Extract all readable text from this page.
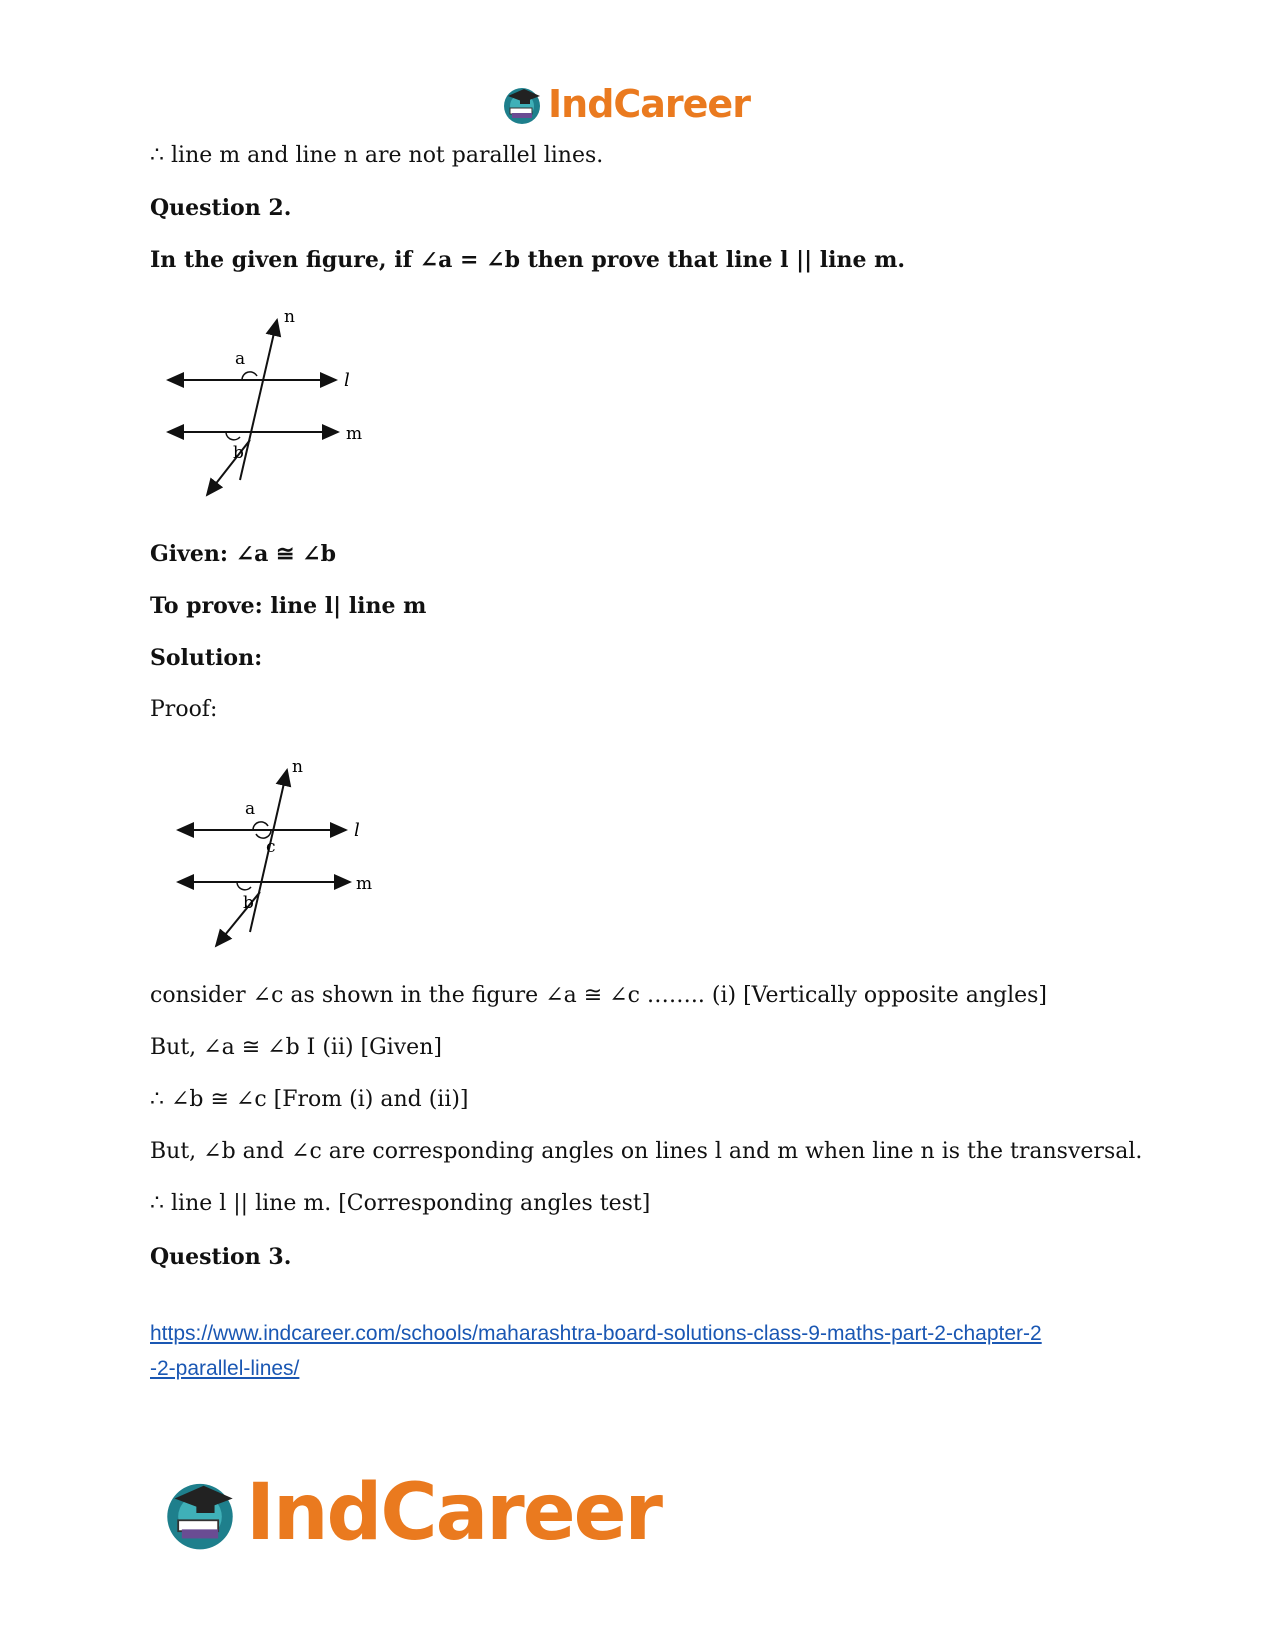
IndCareer
∴ line m and line n are not parallel lines.
Question 2.
In the given figure, if ∠a = ∠b then prove that line l || line m.
n
a
l
m
b
Given: ∠a ≅ ∠b
To prove: line l| line m
Solution:
Proof:
n
a
l
c
m
b
consider ∠c as shown in the figure ∠a ≅ ∠c …….. (i) [Vertically opposite angles]
But, ∠a ≅ ∠b I (ii) [Given]
∴ ∠b ≅ ∠c [From (i) and (ii)]
But, ∠b and ∠c are corresponding angles on lines l and m when line n is the transversal.
∴ line l || line m. [Corresponding angles test]
Question 3.
https://www.indcareer.com/schools/maharashtra-board-solutions-class-9-maths-part-2-chapter-2
-2-parallel-lines/
IndCareer
